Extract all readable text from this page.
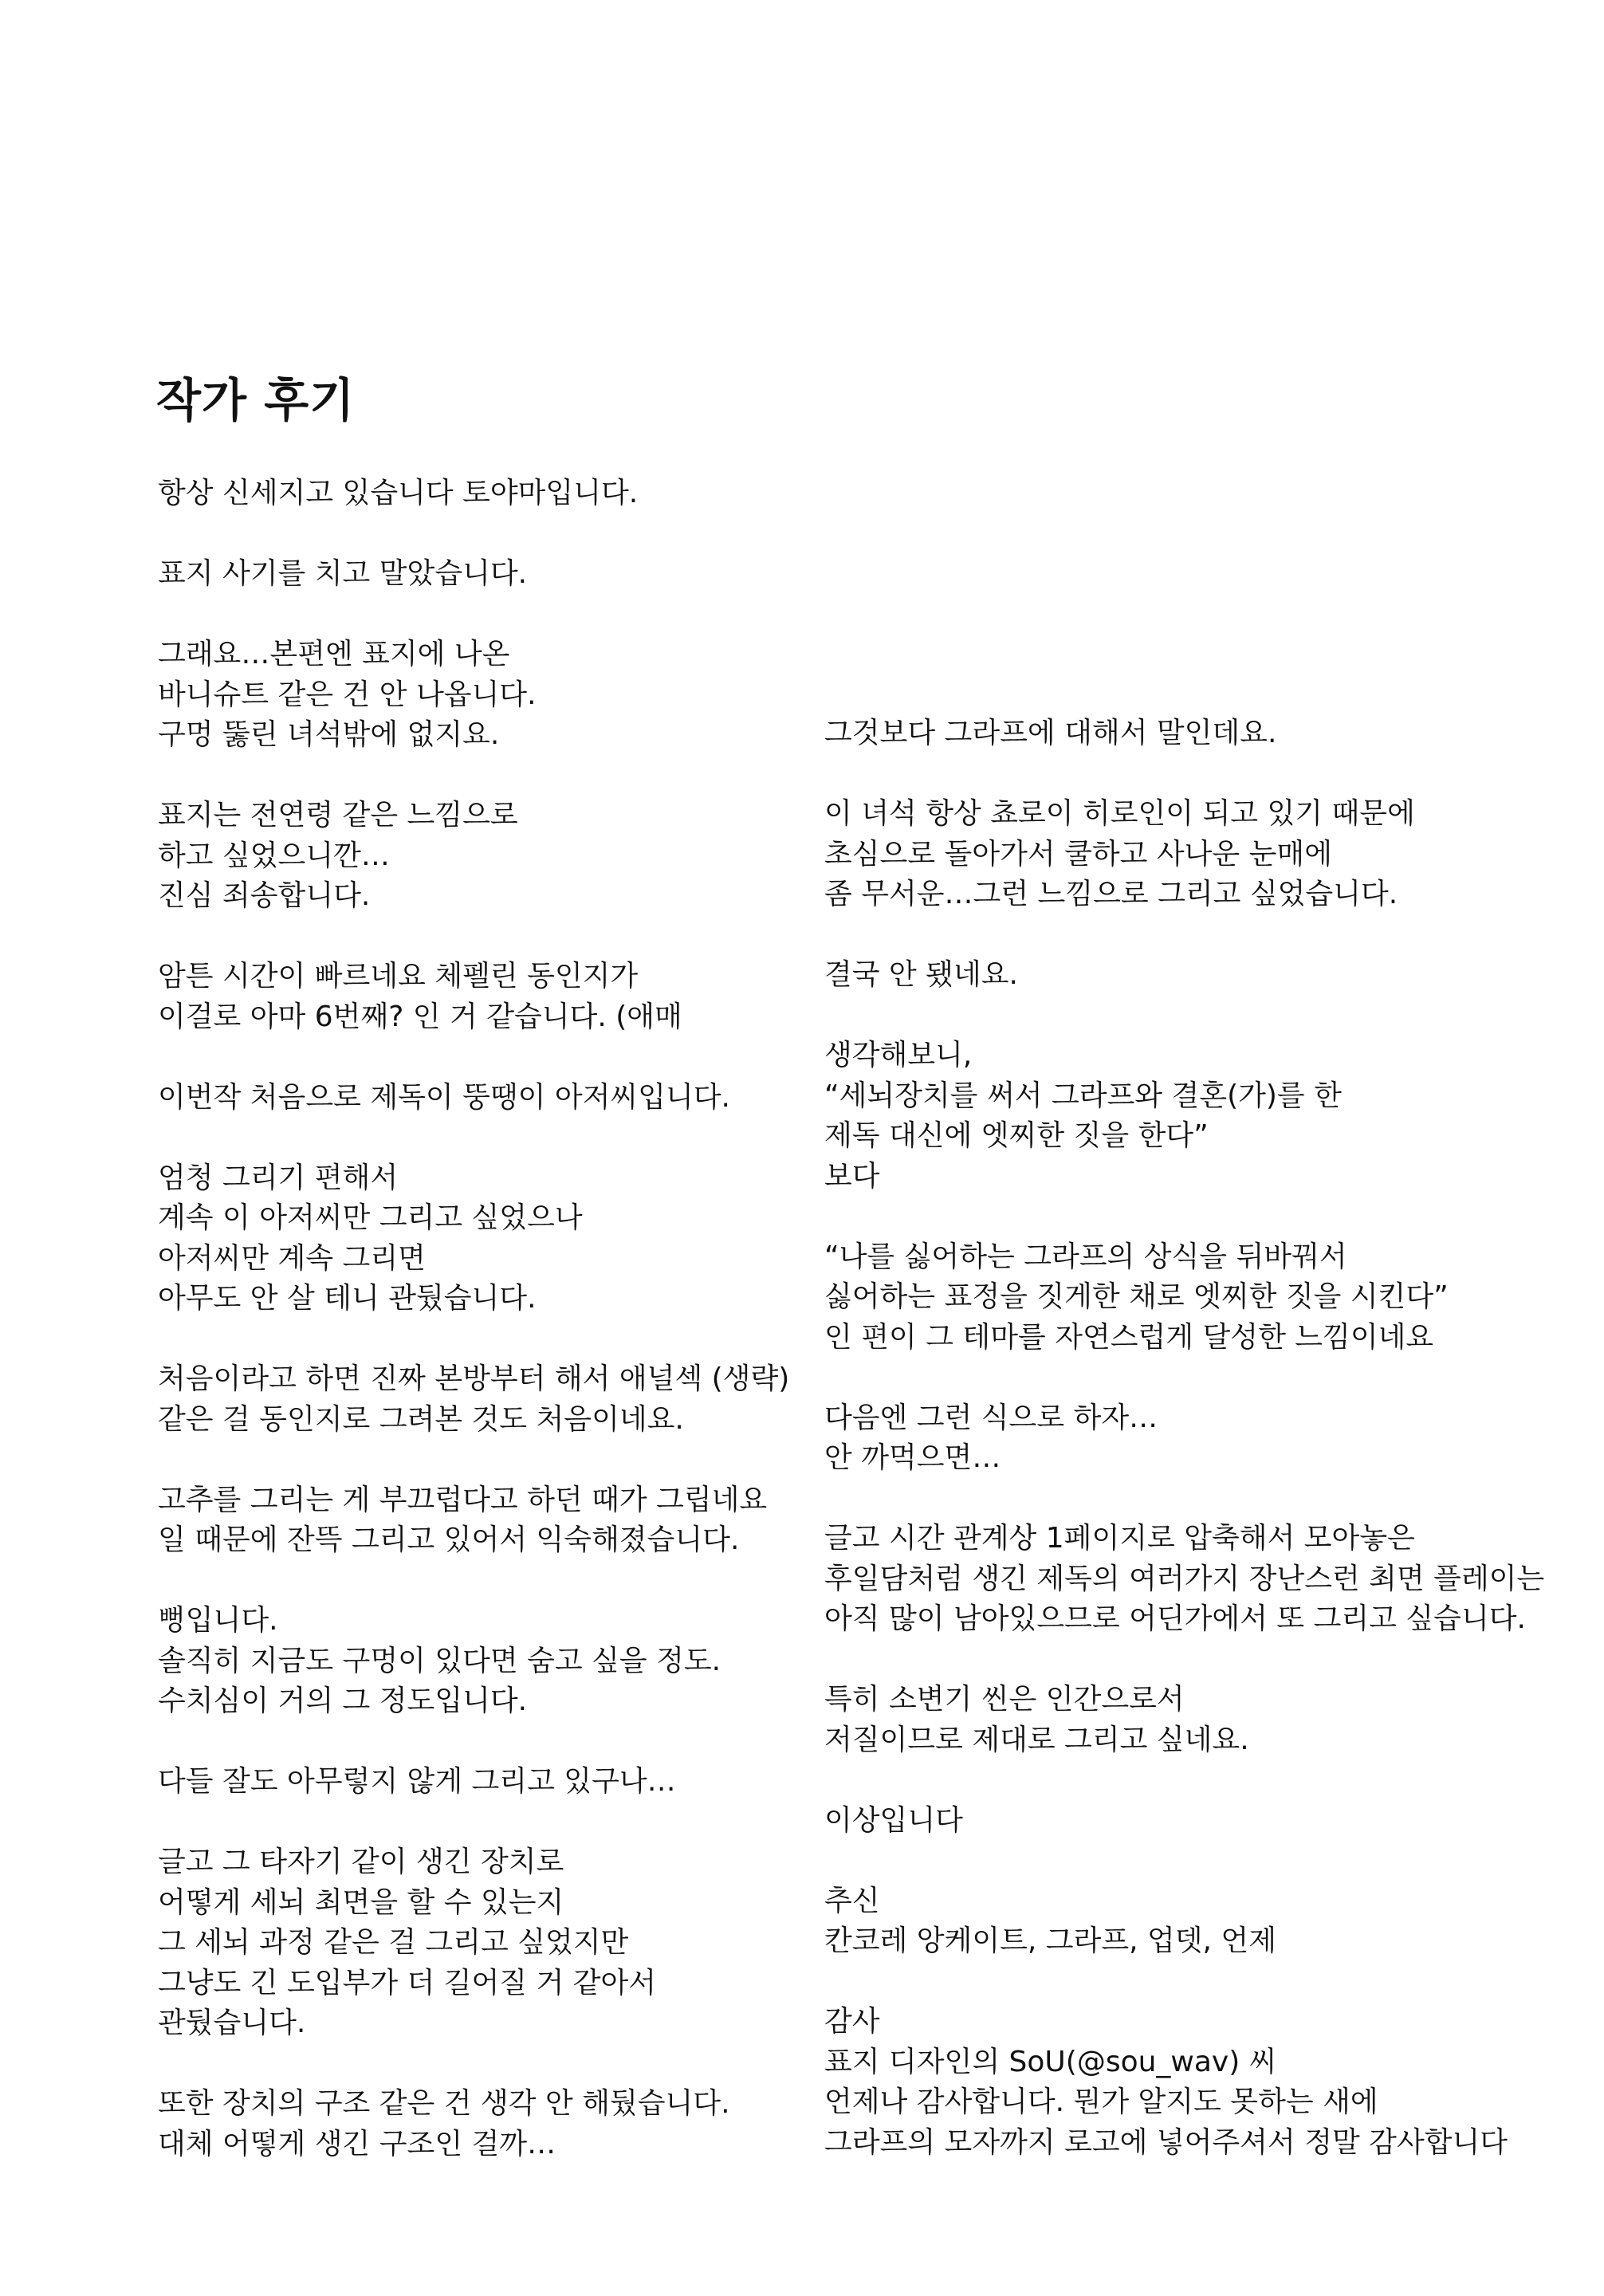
작가 후기
항상 신세지고 있습니다 토야마입니다.
표지 사기를 치고 말았습니다.
그래요…본편엔 표지에 나온
바니슈트 같은 건 안 나옵니다.
구멍 뚫린 녀석밖에 없지요.
표지는 전연령 같은 느낌으로
하고 싶었으니깐…
진심 죄송합니다.
암튼 시간이 빠르네요 체펠린 동인지가
이걸로 아마 6번째? 인 거 같습니다. (애매
이번작 처음으로 제독이 뚱땡이 아저씨입니다.
엄청 그리기 편해서
계속 이 아저씨만 그리고 싶었으나
아저씨만 계속 그리면
아무도 안 살 테니 관뒀습니다.
처음이라고 하면 진짜 본방부터 해서 애널섹 (생략)
같은 걸 동인지로 그려본 것도 처음이네요.
고추를 그리는 게 부끄럽다고 하던 때가 그립네요
일 때문에 잔뜩 그리고 있어서 익숙해졌습니다.
뻥입니다.
솔직히 지금도 구멍이 있다면 숨고 싶을 정도.
수치심이 거의 그 정도입니다.
다들 잘도 아무렇지 않게 그리고 있구나…
글고 그 타자기 같이 생긴 장치로
어떻게 세뇌 최면을 할 수 있는지
그 세뇌 과정 같은 걸 그리고 싶었지만
그냥도 긴 도입부가 더 길어질 거 같아서
관뒀습니다.
또한 장치의 구조 같은 건 생각 안 해뒀습니다.
대체 어떻게 생긴 구조인 걸까…
그것보다 그라프에 대해서 말인데요.
이 녀석 항상 쵸로이 히로인이 되고 있기 때문에
초심으로 돌아가서 쿨하고 사나운 눈매에
좀 무서운…그런 느낌으로 그리고 싶었습니다.
결국 안 됐네요.
생각해보니,
“세뇌장치를 써서 그라프와 결혼(가)를 한
제독 대신에 엣찌한 짓을 한다”
보다
“나를 싫어하는 그라프의 상식을 뒤바꿔서
싫어하는 표정을 짓게한 채로 엣찌한 짓을 시킨다”
인 편이 그 테마를 자연스럽게 달성한 느낌이네요
다음엔 그런 식으로 하자…
안 까먹으면…
글고 시간 관계상 1페이지로 압축해서 모아놓은
후일담처럼 생긴 제독의 여러가지 장난스런 최면 플레이는
아직 많이 남아있으므로 어딘가에서 또 그리고 싶습니다.
특히 소변기 씬은 인간으로서
저질이므로 제대로 그리고 싶네요.
이상입니다
추신
칸코레 앙케이트, 그라프, 업뎃, 언제
감사
표지 디자인의 SoU(@sou_wav) 씨
언제나 감사합니다. 뭔가 알지도 못하는 새에
그라프의 모자까지 로고에 넣어주셔서 정말 감사합니다
